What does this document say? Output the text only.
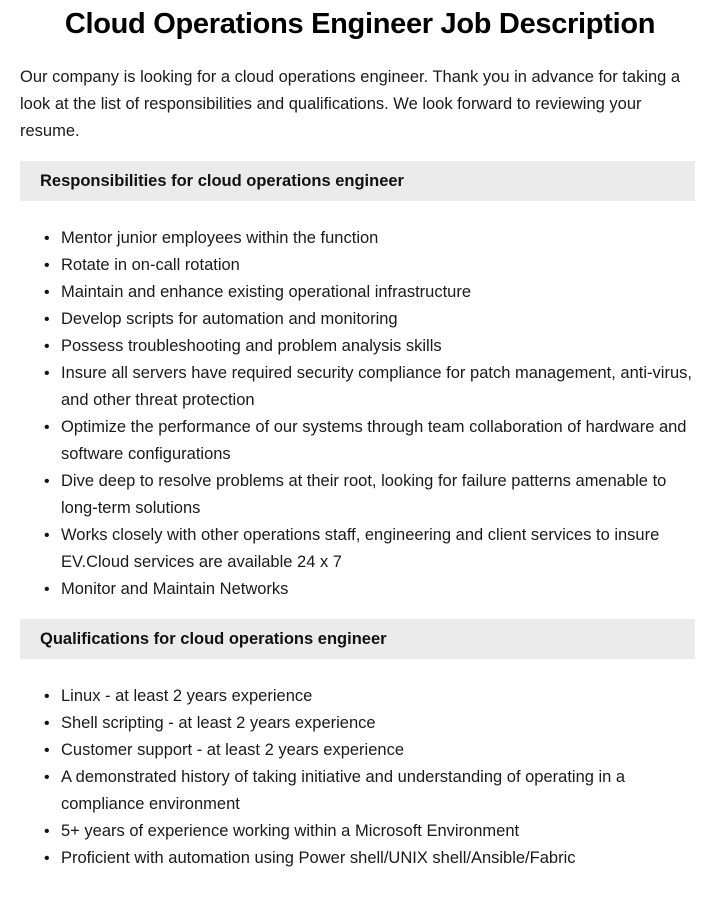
Cloud Operations Engineer Job Description

Our company is looking for a cloud operations engineer. Thank you in advance for taking a look at the list of responsibilities and qualifications. We look forward to reviewing your resume.

Responsibilities for cloud operations engineer
• Mentor junior employees within the function
• Rotate in on-call rotation
• Maintain and enhance existing operational infrastructure
• Develop scripts for automation and monitoring
• Possess troubleshooting and problem analysis skills
• Insure all servers have required security compliance for patch management, anti-virus, and other threat protection
• Optimize the performance of our systems through team collaboration of hardware and software configurations
• Dive deep to resolve problems at their root, looking for failure patterns amenable to long-term solutions
• Works closely with other operations staff, engineering and client services to insure EV.Cloud services are available 24 x 7
• Monitor and Maintain Networks
Qualifications for cloud operations engineer
• Linux - at least 2 years experience
• Shell scripting - at least 2 years experience
• Customer support - at least 2 years experience
• A demonstrated history of taking initiative and understanding of operating in a compliance environment
• 5+ years of experience working within a Microsoft Environment
• Proficient with automation using Power shell/UNIX shell/Ansible/Fabric
